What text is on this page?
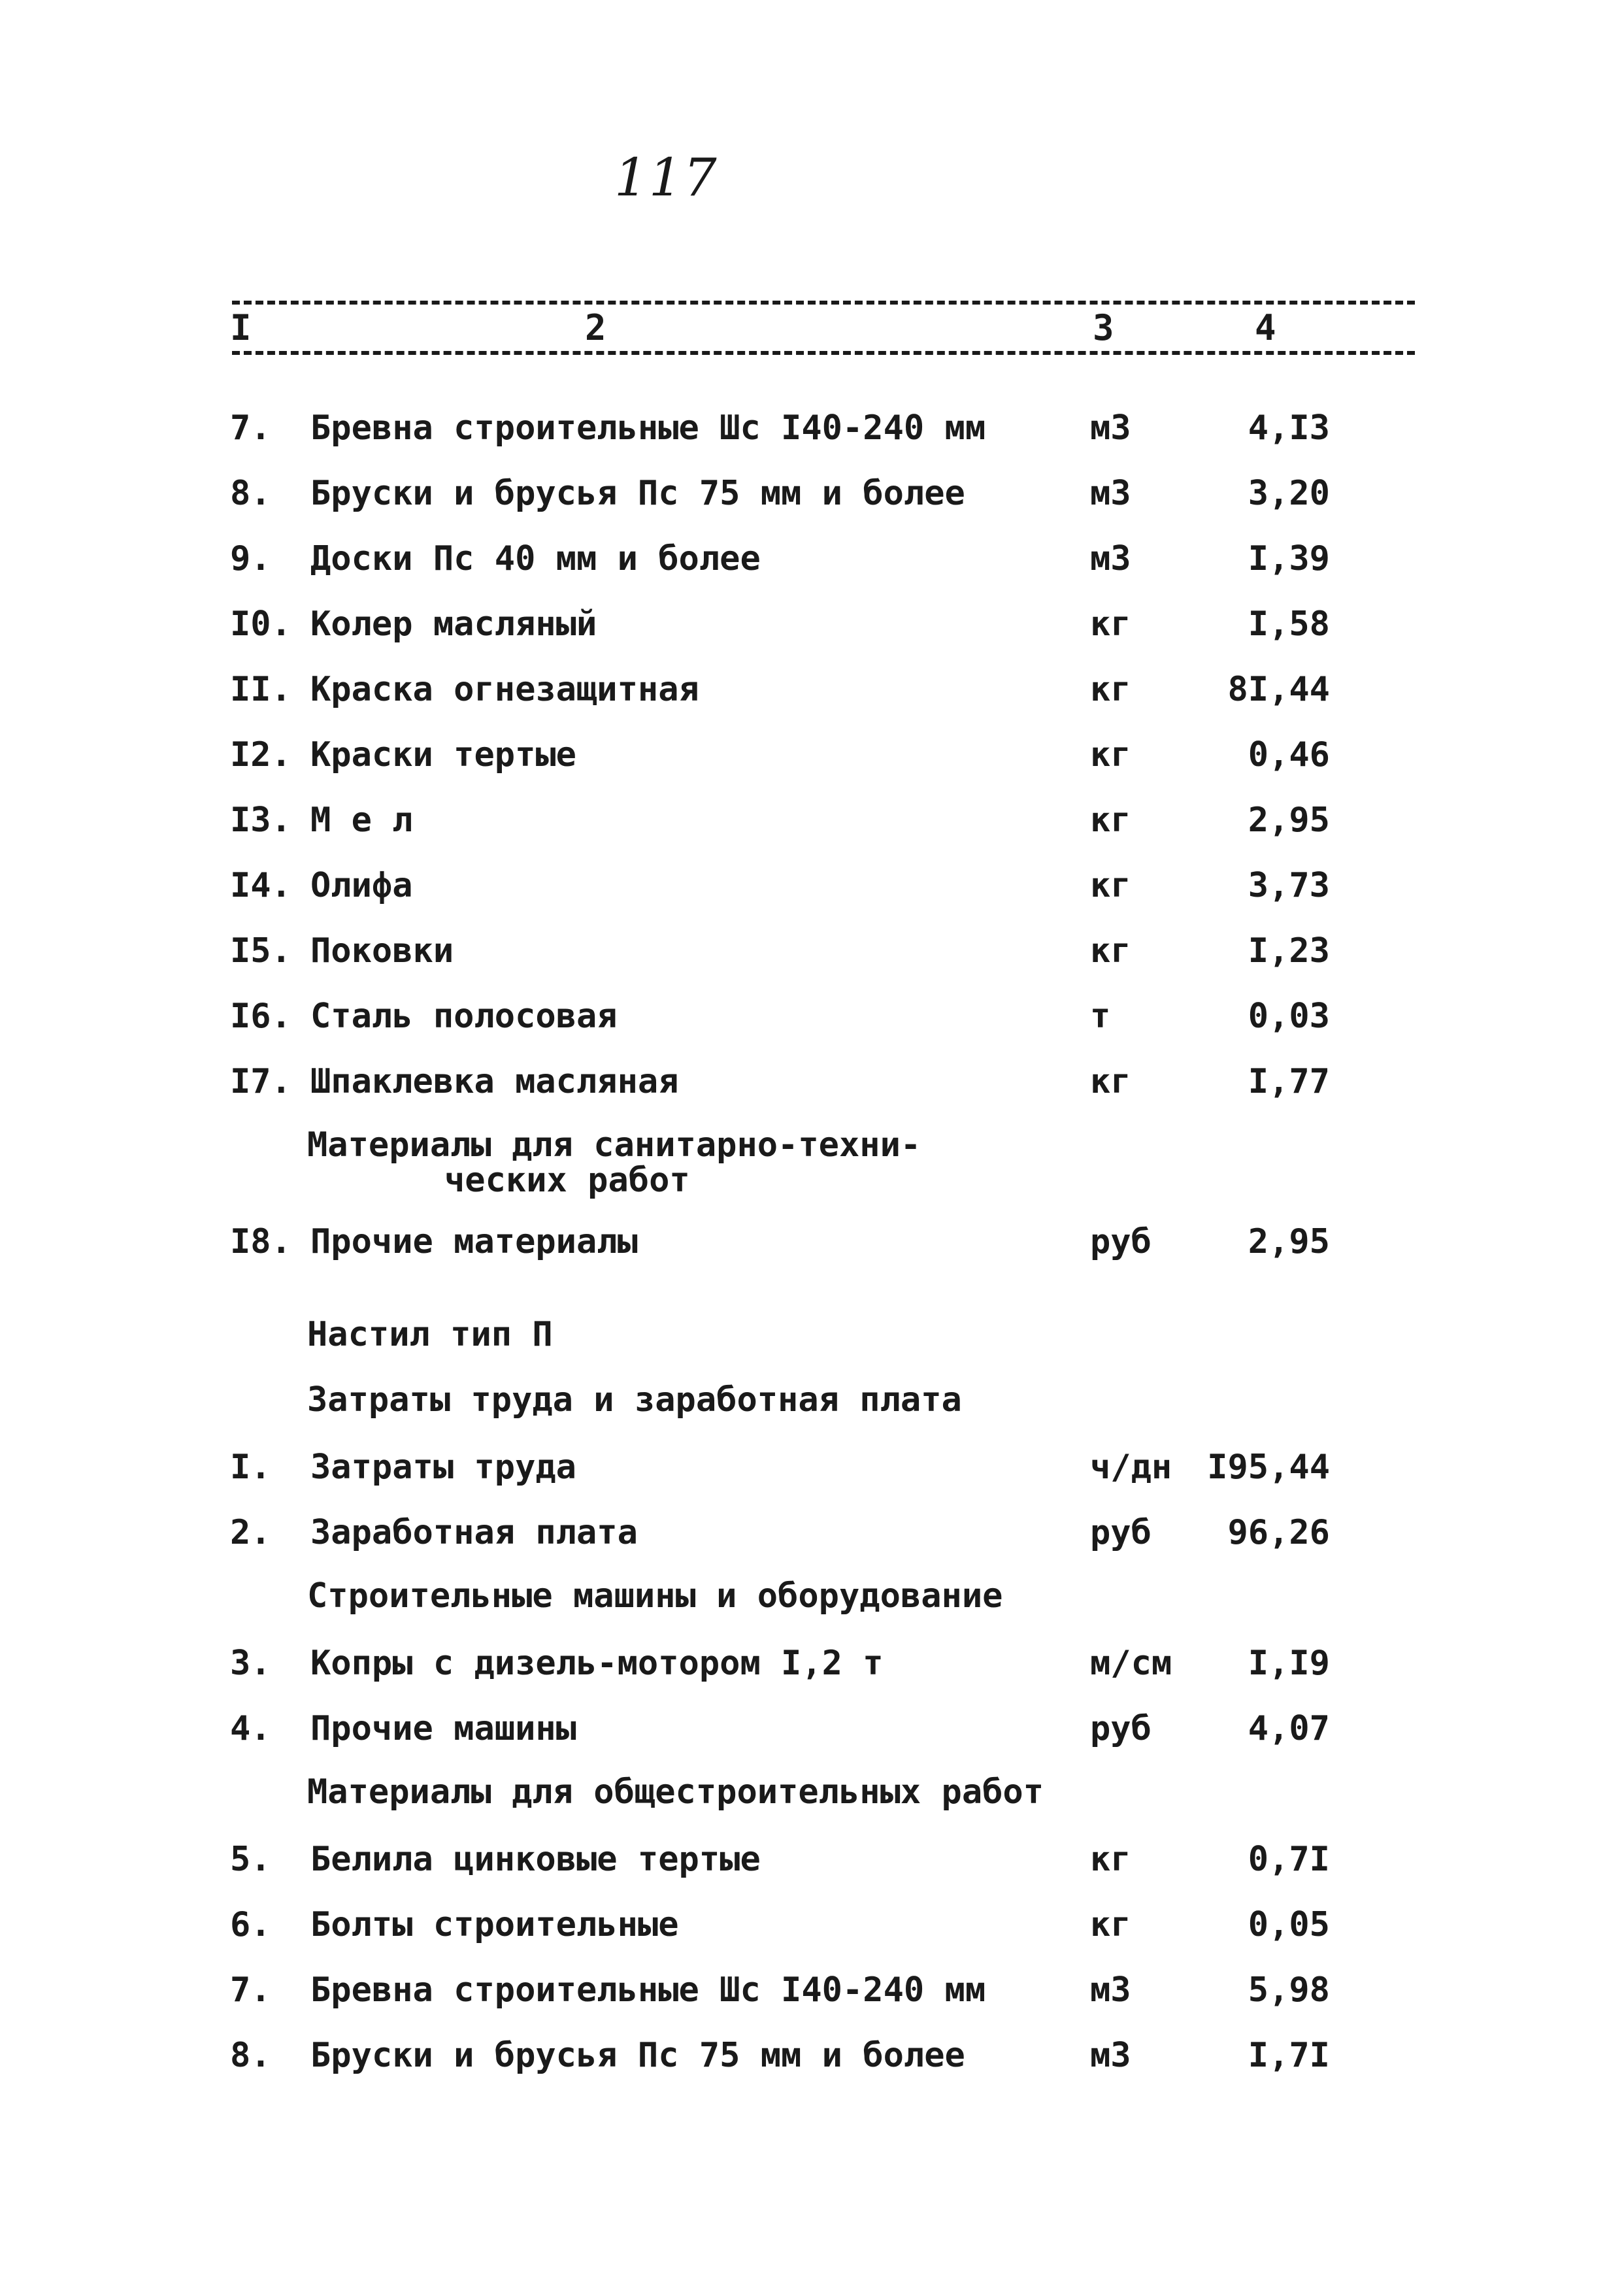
117
I	2	3	4
7.	Бревна строительные Шс I40-240 мм	м3	4,I3
8.	Бруски и брусья Пс 75 мм и более	м3	3,20
9.	Доски Пс 40 мм и более	м3	I,39
I0. Колер масляный	кг	I,58
II. Краска огнезащитная	кг	8I,44
I2. Краски тертые	кг	0,46
I3. М е л	кг	2,95
I4. Олифа	кг	3,73
I5. Поковки	кг	I,23
I6. Сталь полосовая	т	0,03
I7. Шпаклевка масляная	кг	I,77
Материалы для санитарно-техни-
ческих работ
I8. Прочие материалы	руб	2,95
Настил тип П
Затраты труда и заработная плата
I.	Затраты труда	ч/дн I95,44
2.	Заработная плата	руб 96,26
Строительные машины и оборудование
3.	Копры с дизель-мотором I,2 т	м/см I,I9
4.	Прочие машины	руб	4,07
Материалы для общестроительных работ
5.	Белила цинковые тертые	кг	0,7I
6.	Болты строительные	кг	0,05
7.	Бревна строительные Шс I40-240 мм	м3	5,98
8.	Бруски и брусья Пс 75 мм и более	м3	I,7I
